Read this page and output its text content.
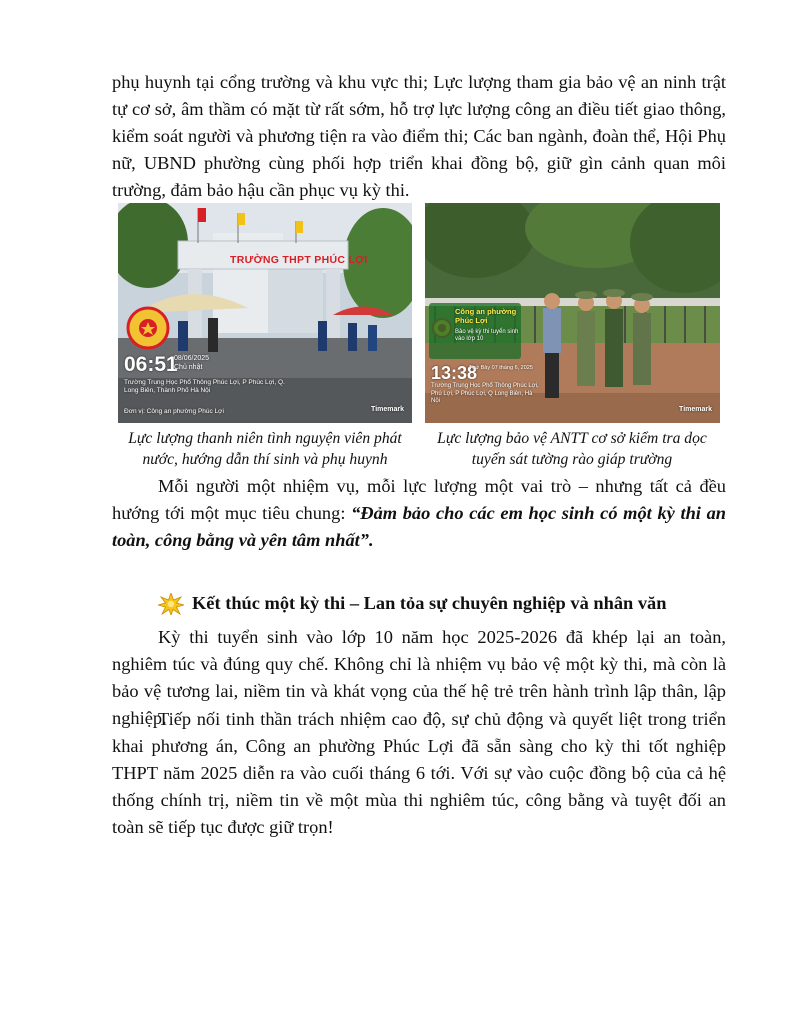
phụ huynh tại cổng trường và khu vực thi; Lực lượng tham gia bảo vệ an ninh trật tự cơ sở, âm thầm có mặt từ rất sớm, hỗ trợ lực lượng công an điều tiết giao thông, kiểm soát người và phương tiện ra vào điểm thi; Các ban ngành, đoàn thể, Hội Phụ nữ, UBND phường cùng phối hợp triển khai đồng bộ, giữ gìn cảnh quan môi trường, đảm bảo hậu cần phục vụ kỳ thi.

TRƯỜNG THPT PHÚC LỢI

06:51

08/06/2025
Chủ nhật

Trường Trung Học Phổ Thông Phúc Lợi, P Phúc Lợi, Q. Long Biên, Thành Phố Hà Nội

Đơn vị: Công an phường Phúc Lợi	Timemark

Công an phường Phúc Lợi

Bảo vệ kỳ thi tuyển sinh vào lớp 10

13:38

Thứ Bảy 07 tháng 6, 2025

Trường Trung Học Phổ Thông Phúc Lợi, Phú Lợi, P Phúc Lợi, Q Long Biên, Hà Nội

Timemark

Lực lượng thanh niên tình nguyện viên phát nước, hướng dẫn thí sinh và phụ huynh

Lực lượng bảo vệ ANTT cơ sở kiểm tra dọc tuyến sát tường rào giáp trường

Mỗi người một nhiệm vụ, mỗi lực lượng một vai trò – nhưng tất cả đều hướng tới một mục tiêu chung: “Đảm bảo cho các em học sinh có một kỳ thi an toàn, công bằng và yên tâm nhất”.

Kết thúc một kỳ thi – Lan tỏa sự chuyên nghiệp và nhân văn

Kỳ thi tuyển sinh vào lớp 10 năm học 2025-2026 đã khép lại an toàn, nghiêm túc và đúng quy chế. Không chỉ là nhiệm vụ bảo vệ một kỳ thi, mà còn là bảo vệ tương lai, niềm tin và khát vọng của thế hệ trẻ trên hành trình lập thân, lập nghiệp.

Tiếp nối tinh thần trách nhiệm cao độ, sự chủ động và quyết liệt trong triển khai phương án, Công an phường Phúc Lợi đã sẵn sàng cho kỳ thi tốt nghiệp THPT năm 2025 diễn ra vào cuối tháng 6 tới. Với sự vào cuộc đồng bộ của cả hệ thống chính trị, niềm tin về một mùa thi nghiêm túc, công bằng và tuyệt đối an toàn sẽ tiếp tục được giữ trọn!
